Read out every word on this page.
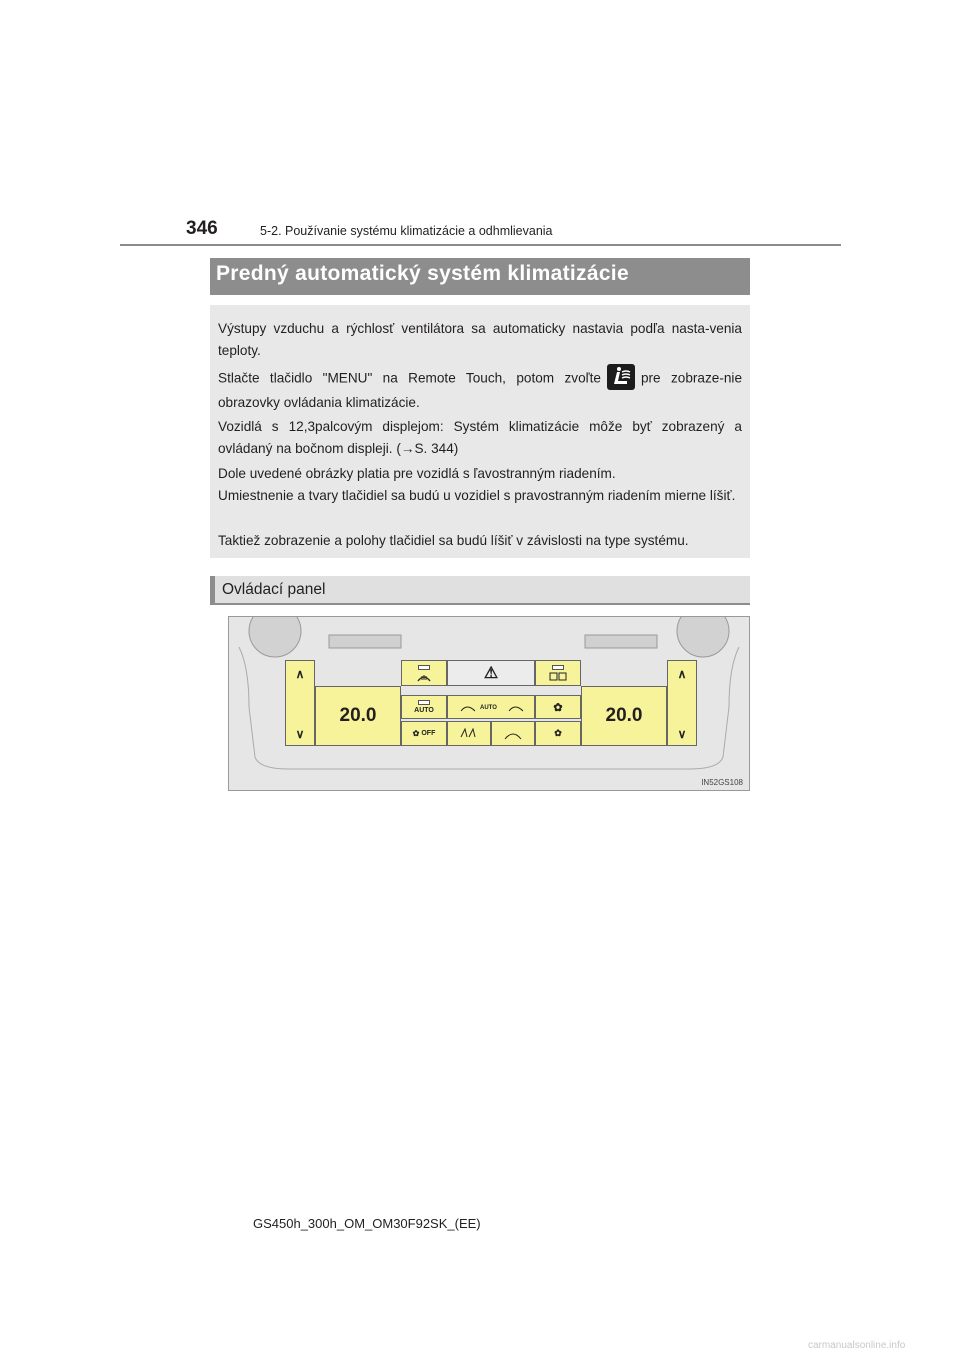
346	5-2. Používanie systému klimatizácie a odhmlievania
Predný automatický systém klimatizácie
Výstupy vzduchu a rýchlosť ventilátora sa automaticky nastavia podľa nasta-venia teploty.
Stlačte tlačidlo "MENU" na Remote Touch, potom zvoľte	pre zobraze-nie obrazovky ovládania klimatizácie.
Vozidlá s 12,3palcovým displejom: Systém klimatizácie môže byť zobrazený a ovládaný na bočnom displeji. (→S. 344)
Dole uvedené obrázky platia pre vozidlá s ľavostranným riadením.
Umiestnenie a tvary tlačidiel sa budú u vozidiel s pravostranným riadením mierne líšiť.
Taktiež zobrazenie a polohy tlačidiel sa budú líšiť v závislosti na type systému.
Ovládací panel
∧
∨
20.0
⚠
AUTO	AUTO	✿
✿ OFF	✿
20.0
∧
∨
IN52GS108
GS450h_300h_OM_OM30F92SK_(EE)
carmanualsonline.info
